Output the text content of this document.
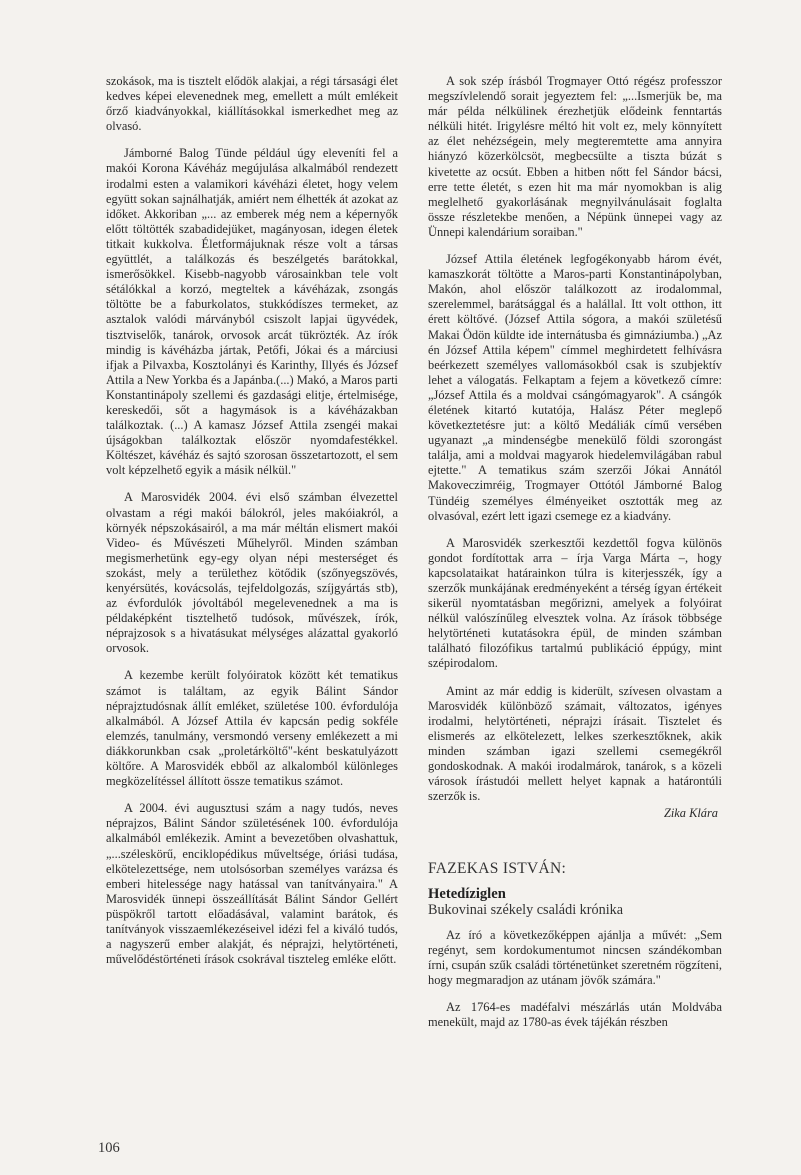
szokások, ma is tisztelt elődök alakjai, a régi társasági élet kedves képei elevenednek meg, emellett a múlt emlékeit őrző kiadványokkal, kiállításokkal ismerkedhet meg az olvasó.

Jámborné Balog Tünde például úgy eleveníti fel a makói Korona Kávéház megújulása alkalmából rendezett irodalmi esten a valamikori kávéházi életet, hogy velem együtt sokan sajnálhatják, amiért nem élhették át azokat az időket. Akkoriban „... az emberek még nem a képernyők előtt töltötték szabadidejüket, magányosan, idegen életek titkait kukkolva. Életformájuknak része volt a társas együttlét, a találkozás és beszélgetés barátokkal, ismerősökkel. Kisebb-nagyobb városainkban tele volt sétálókkal a korzó, megteltek a kávéházak, zsongás töltötte be a faburkolatos, stukkódíszes termeket, az asztalok valódi márványból csiszolt lapjai ügyvédek, tisztviselők, tanárok, orvosok arcát tükrözték. Az írók mindig is kávéházba jártak, Petőfi, Jókai és a márciusi ifjak a Pilvaxba, Kosztolányi és Karinthy, Illyés és József Attila a New Yorkba és a Japánba.(...) Makó, a Maros parti Konstantinápoly szellemi és gazdasági elitje, értelmisége, kereskedői, sőt a hagymások is a kávéházakban találkoztak. (...) A kamasz József Attila zsengéi makai újságokban találkoztak először nyomdafestékkel. Költészet, kávéház és sajtó szorosan összetartozott, el sem volt képzelhető egyik a másik nélkül."

A Marosvidék 2004. évi első számban élvezettel olvastam a régi makói bálokról, jeles makóiakról, a környék népszokásairól, a ma már méltán elismert makói Video- és Művészeti Műhelyről. Minden számban megismerhetünk egy-egy olyan népi mesterséget és szokást, mely a területhez kötődik (szőnyegszövés, kenyérsütés, kovácsolás, tejfeldolgozás, szíjgyártás stb), az évfordulók jóvoltából megelevenednek a ma is példaképként tisztelhető tudósok, művészek, írók, néprajzosok s a hivatásukat mélységes alázattal gyakorló orvosok.

A kezembe került folyóiratok között két tematikus számot is találtam, az egyik Bálint Sándor néprajztudósnak állít emléket, születése 100. évfordulója alkalmából. A József Attila év kapcsán pedig sokféle elemzés, tanulmány, versmondó verseny emlékezett a mi diákkorunkban csak „proletárköltő"-ként beskatulyázott költőre. A Marosvidék ebből az alkalomból különleges megközelítéssel állított össze tematikus számot.

A 2004. évi augusztusi szám a nagy tudós, neves néprajzos, Bálint Sándor születésének 100. évfordulója alkalmából emlékezik. Amint a bevezetőben olvashattuk, „...széleskörű, enciklopédikus műveltsége, óriási tudása, elkötelezettsége, nem utolsósorban személyes varázsa és emberi hitelessége nagy hatással van tanítványaira." A Marosvidék ünnepi összeállítását Bálint Sándor Gellért püspökről tartott előadásával, valamint barátok, és tanítványok visszaemlékezéseivel idézi fel a kiváló tudós, a nagyszerű ember alakját, és néprajzi, helytörténeti, művelődéstörténeti írások csokrával tiszteleg emléke előtt.

A sok szép írásból Trogmayer Ottó régész professzor megszívlelendő sorait jegyeztem fel: „...Ismerjük be, ma már példa nélkülinek érezhetjük elődeink fenntartás nélküli hitét. Irigylésre méltó hit volt ez, mely könnyített az élet nehézségein, mely megteremtette ama annyira hiányzó közerkölcsöt, megbecsülte a tiszta búzát s kivetette az ocsút. Ebben a hitben nőtt fel Sándor bácsi, erre tette életét, s ezen hit ma már nyomokban is alig meglelhető gyakorlásának megnyilvánulásait foglalta össze részletekbe menően, a Népünk ünnepei vagy az Ünnepi kalendárium soraiban."

József Attila életének legfogékonyabb három évét, kamaszkorát töltötte a Maros-parti Konstantinápolyban, Makón, ahol először találkozott az irodalommal, szerelemmel, barátsággal és a halállal. Itt volt otthon, itt érett költővé. (József Attila sógora, a makói születésű Makai Ödön küldte ide internátusba és gimnáziumba.) „Az én József Attila képem" címmel meghirdetett felhívásra beérkezett személyes vallomásokból csak is szubjektív lehet a válogatás. Felkaptam a fejem a következő címre: „József Attila és a moldvai csángómagyarok". A csángók életének kitartó kutatója, Halász Péter meglepő következtetésre jut: a költő Medáliák című versében ugyanazt „a mindenségbe menekülő földi szorongást találja, ami a moldvai magyarok hiedelemvilágában rabul ejtette." A tematikus szám szerzői Jókai Annától Makoveczimréig, Trogmayer Ottótól Jámborné Balog Tündéig személyes élményeiket osztották meg az olvasóval, ezért lett igazi csemege ez a kiadvány.

A Marosvidék szerkesztői kezdettől fogva különös gondot fordítottak arra – írja Varga Márta –, hogy kapcsolataikat határainkon túlra is kiterjesszék, így a szerzők munkájának eredményeként a térség ígyan értékeit sikerül nyomtatásban megőrizni, amelyek a folyóirat nélkül valószínűleg elvesztek volna. Az írások többsége helytörténeti kutatásokra épül, de minden számban található filozófikus tartalmú publikáció éppúgy, mint szépirodalom.

Amint az már eddig is kiderült, szívesen olvastam a Marosvidék különböző számait, változatos, igényes irodalmi, helytörténeti, néprajzi írásait. Tisztelet és elismerés az elkötelezett, lelkes szerkesztőknek, akik minden számban igazi szellemi csemegékről gondoskodnak. A makói irodalmárok, tanárok, s a közeli városok írástudói mellett helyet kapnak a határontúli szerzők is.

Zika Klára
FAZEKAS ISTVÁN:
Hetedíziglen
Bukovinai székely családi krónika

Az író a következőképpen ajánlja a művét: „Sem regényt, sem kordokumentumot nincsen szándékomban írni, csupán szűk családi történetünket szeretném rögzíteni, hogy megmaradjon az utánam jövők számára."

Az 1764-es madéfalvi mészárlás után Moldvába menekült, majd az 1780-as évek tájékán részben

106
